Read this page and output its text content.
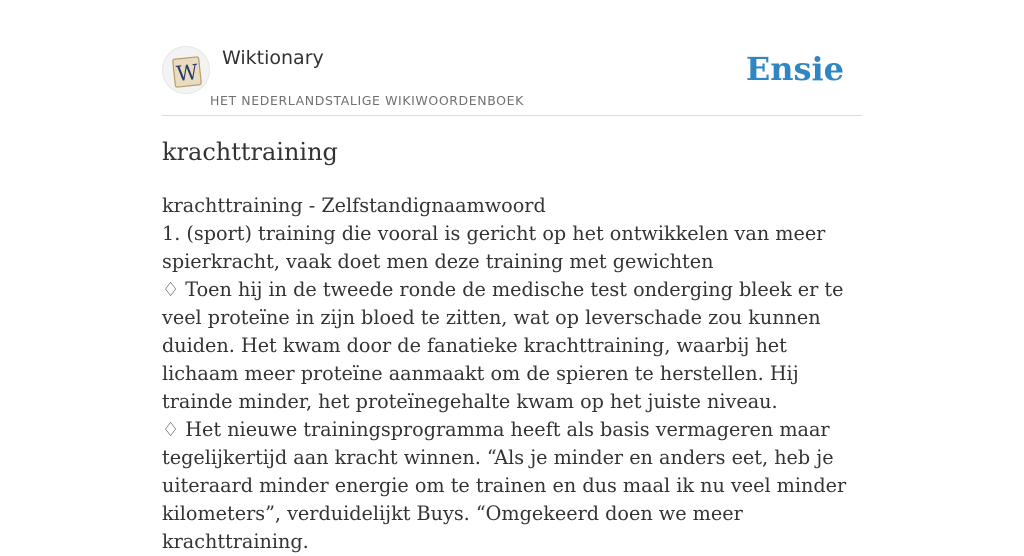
W
Wiktionary
HET NEDERLANDSTALIGE WIKIWOORDENBOEK
Ensie
krachttraining
krachttraining - Zelfstandignaamwoord
1. (sport) training die vooral is gericht op het ontwikkelen van meer spierkracht, vaak doet men deze training met gewichten
♢ Toen hij in de tweede ronde de medische test onderging bleek er te veel proteïne in zijn bloed te zitten, wat op leverschade zou kunnen duiden. Het kwam door de fanatieke krachttraining, waarbij het lichaam meer proteïne aanmaakt om de spieren te herstellen. Hij trainde minder, het proteïnegehalte kwam op het juiste niveau.
♢ Het nieuwe trainingsprogramma heeft als basis vermageren maar tegelijkertijd aan kracht winnen. “Als je minder en anders eet, heb je uiteraard minder energie om te trainen en dus maal ik nu veel minder kilometers”, verduidelijkt Buys. “Omgekeerd doen we meer krachttraining.
